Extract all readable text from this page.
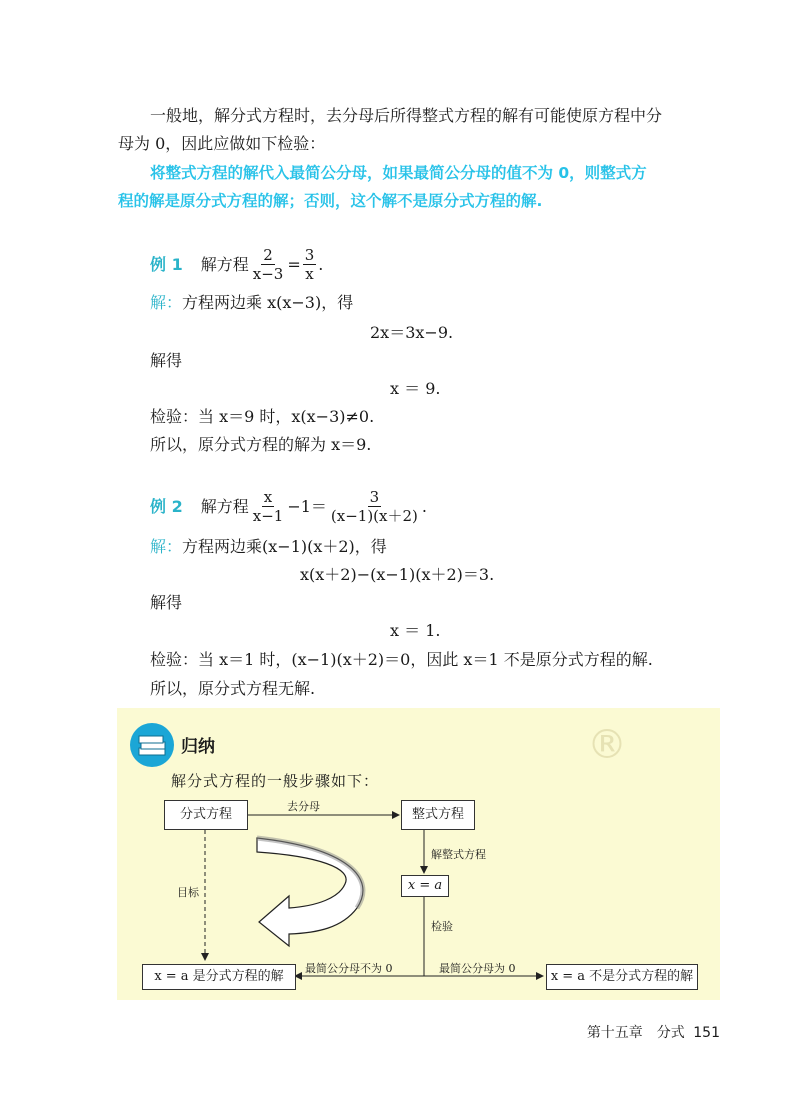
一般地，解分式方程时，去分母后所得整式方程的解有可能使原方程中分
母为 0，因此应做如下检验：
将整式方程的解代入最简公分母，如果最简公分母的值不为 0，则整式方
程的解是原分式方程的解；否则，这个解不是原分式方程的解.
例 1 解方程 $\frac{2}{x-3} = \frac{3}{x}$ .
解：方程两边乘 x(x−3)，得
2x＝3x−9.
解得
x ＝ 9.
检验：当 x＝9 时，x(x−3)≠0.
所以，原分式方程的解为 x＝9.
例 2 解方程 $\frac{x}{x-1} -1= \frac{3}{(x-1)(x+2)}$ .
解：方程两边乘(x−1)(x＋2)，得
x(x＋2)−(x−1)(x＋2)＝3.
解得
x ＝ 1.
检验：当 x＝1 时，(x−1)(x＋2)＝0，因此 x＝1 不是原分式方程的解.
所以，原分式方程无解.
®
归纳
解分式方程的一般步骤如下：
分式方程	整式方程
x = a
x = a 是分式方程的解	x = a 不是分式方程的解
去分母
解整式方程
检验
目标
最简公分母不为 0	最简公分母为 0
第十五章　分式 151
